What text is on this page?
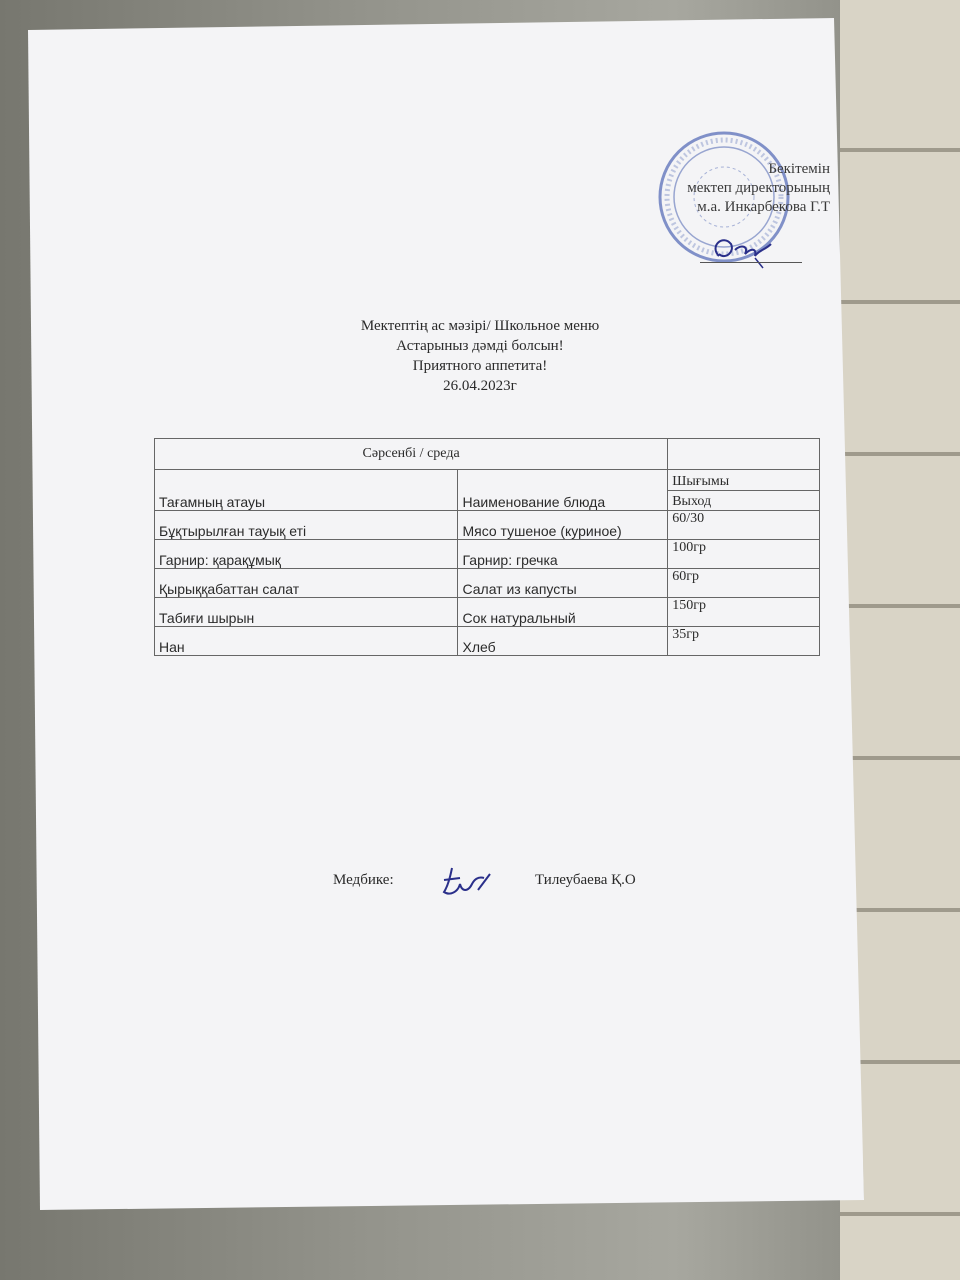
Бекітемін
мектеп директорының
м.а. Инкарбекова Г.Т
Мектептің ас мәзірі/ Школьное меню
Астарыныз дәмді болсын!
Приятного аппетита!
26.04.2023г
Сәрсенбі / среда		
Тағамның атауы	Наименование блюда	Шығымы
		Выход
Бұқтырылған тауық еті	Мясо тушеное (куриное)	60/30
Гарнир: қарақұмық	Гарнир: гречка	100гр
Қырыққабаттан салат	Салат из капусты	60гр
Табиғи шырын	Сок натуральный	150гр
Нан	Хлеб	35гр
Медбике:	Тилеубаева Қ.О
